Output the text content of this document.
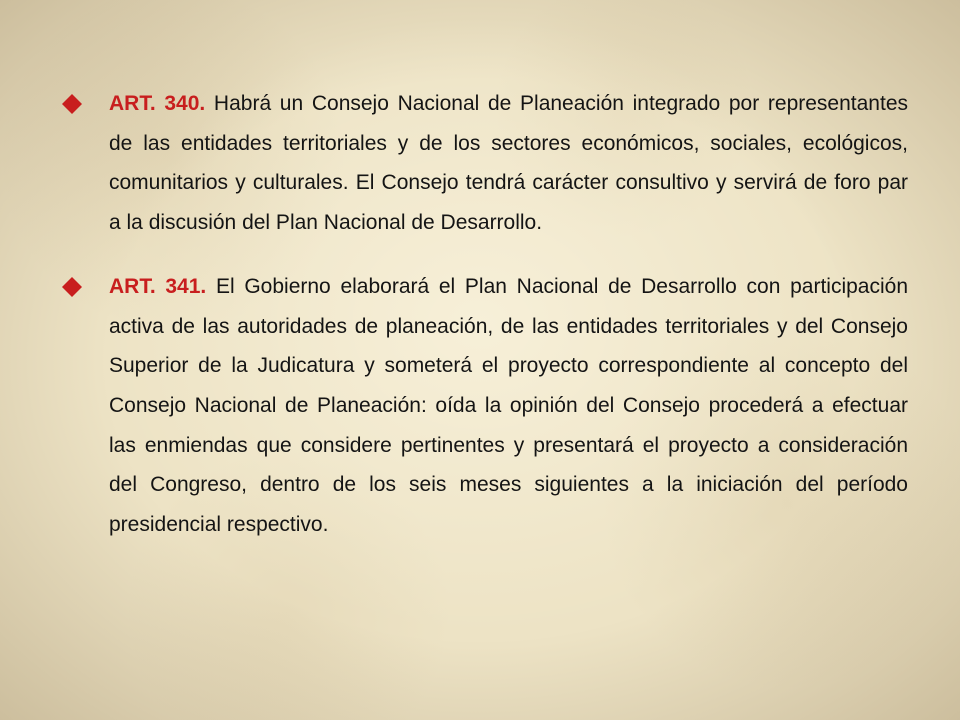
ART. 340. Habrá un Consejo Nacional de Planeación integrado por representantes de las entidades territoriales y de los sectores económicos, sociales, ecológicos, comunitarios y culturales. El Consejo tendrá carácter consultivo y servirá de foro par a la discusión del Plan Nacional de Desarrollo.

ART. 341. El Gobierno elaborará el Plan Nacional de Desarrollo con participación activa de las autoridades de planeación, de las entidades territoriales y del Consejo Superior de la Judicatura y someterá el proyecto correspondiente al concepto del Consejo Nacional de Planeación: oída la opinión del Consejo procederá a efectuar las enmiendas que considere pertinentes y presentará el proyecto a consideración del Congreso, dentro de los seis meses siguientes a la iniciación del período presidencial respectivo.
